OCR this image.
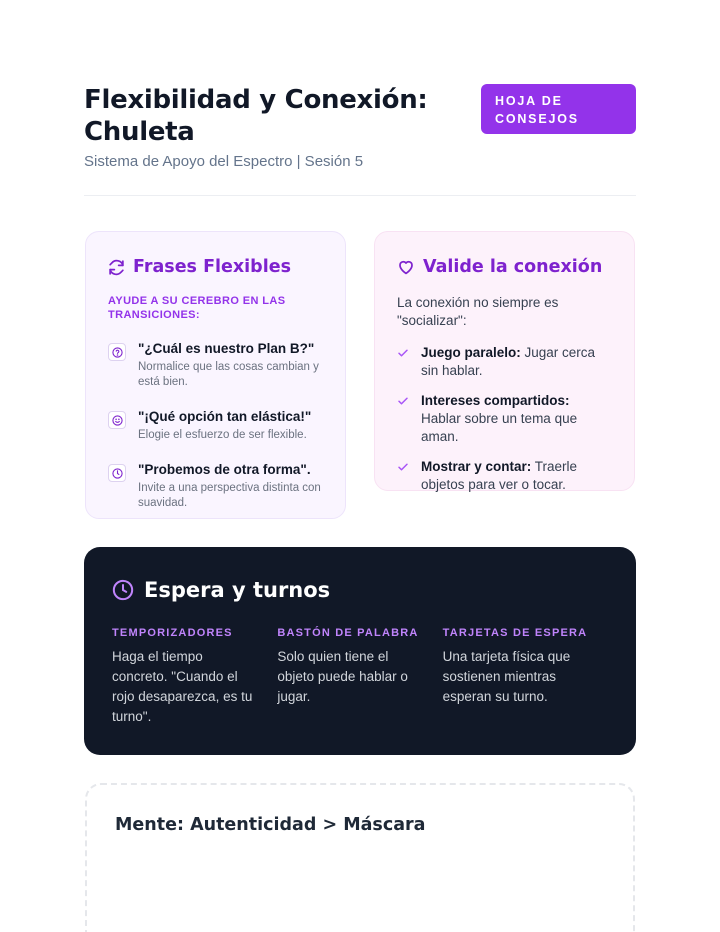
Flexibilidad y Conexión: Chuleta
Sistema de Apoyo del Espectro | Sesión 5
HOJA DE CONSEJOS
Frases Flexibles
AYUDE A SU CEREBRO EN LAS TRANSICIONES:
"¿Cuál es nuestro Plan B?"
Normalice que las cosas cambian y está bien.
"¡Qué opción tan elástica!"
Elogie el esfuerzo de ser flexible.
"Probemos de otra forma".
Invite a una perspectiva distinta con suavidad.
Valide la conexión
La conexión no siempre es "socializar":
Juego paralelo: Jugar cerca sin hablar.
Intereses compartidos: Hablar sobre un tema que aman.
Mostrar y contar: Traerle objetos para ver o tocar.
Espera y turnos
TEMPORIZADORES
Haga el tiempo concreto. "Cuando el rojo desaparezca, es tu turno".
BASTÓN DE PALABRA
Solo quien tiene el objeto puede hablar o jugar.
TARJETAS DE ESPERA
Una tarjeta física que sostienen mientras esperan su turno.
Mente: Autenticidad > Máscara
